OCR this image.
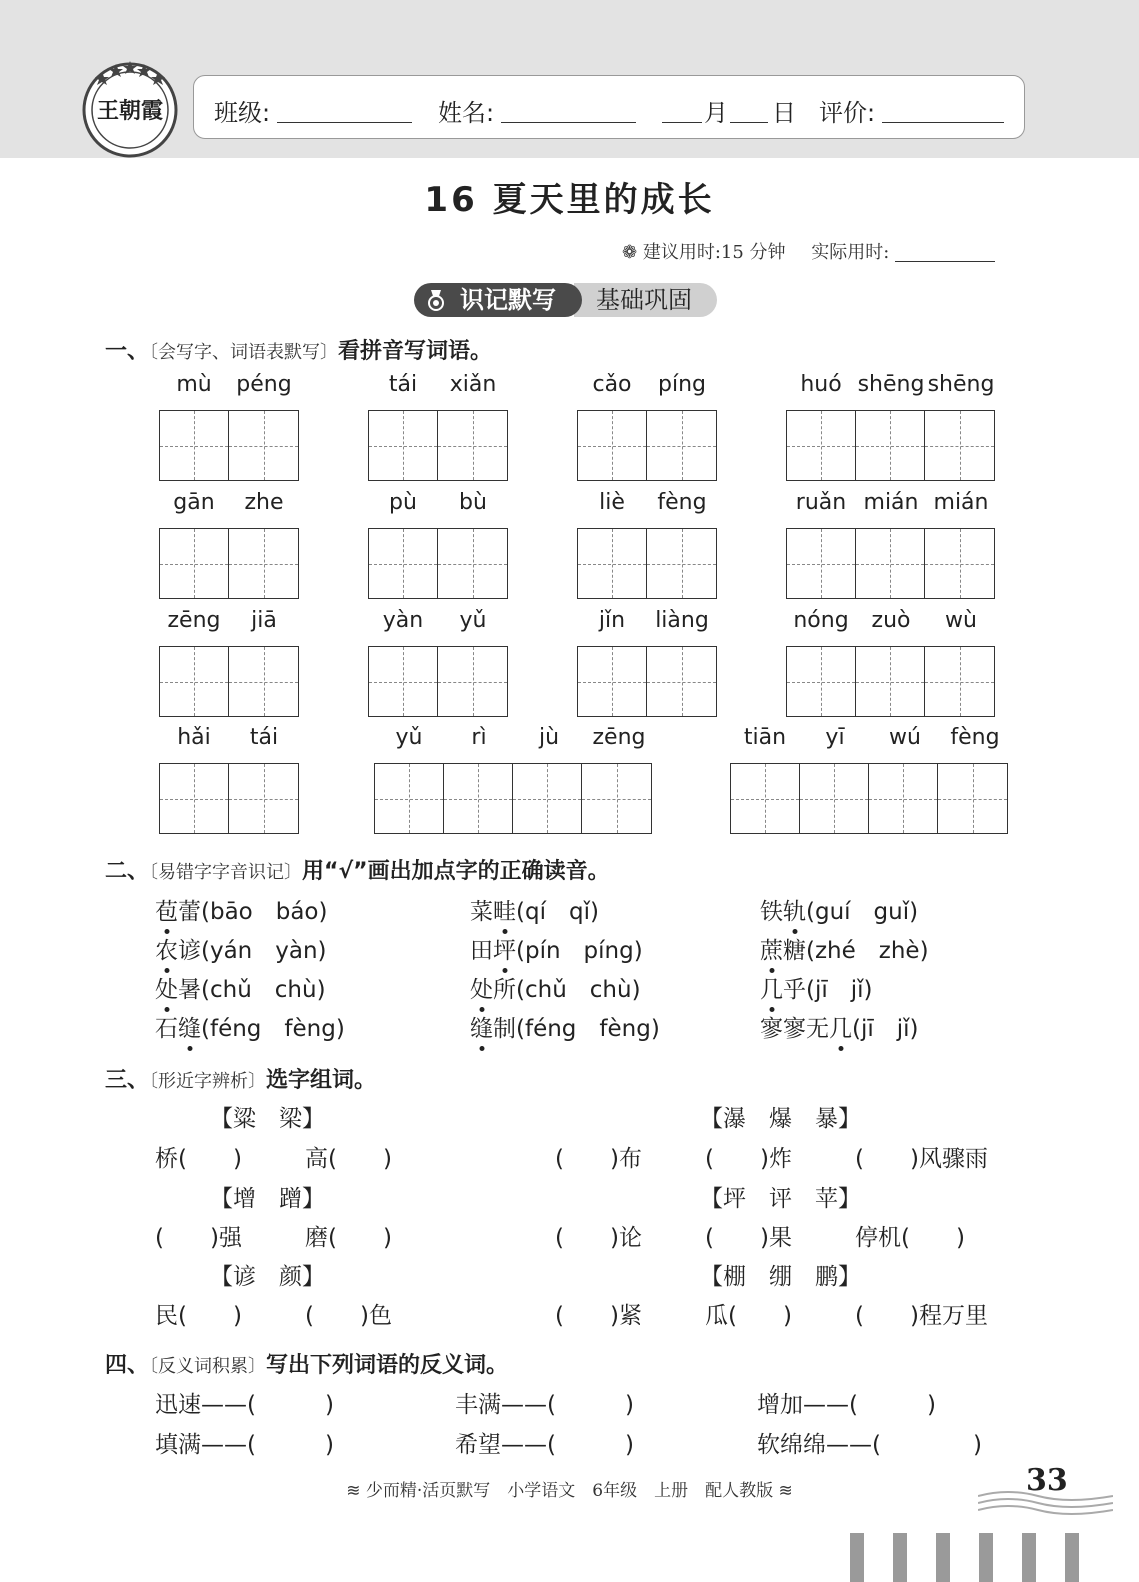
王朝霞 班级:	姓名:	月 日 评价:
16 夏天里的成长
❁ 建议用时:15 分钟 实际用时:
基础巩固
识记默写
一、〔会写字、词语表默写〕看拼音写词语。
mù	péng	tái	xiǎn	cǎo	píng	huó shēng shēng
gān	zhe	pù	bù	liè	fèng	ruǎn mián mián
zēng	jiā	yàn	yǔ	jǐn	liàng	nóng	zuò	wù
hǎi	tái	yǔ	rì	jù	zēng	tiān	yī	wú	fèng
二、〔易错字字音识记〕用“√”画出加点字的正确读音。
苞蕾(bāo　báo)	菜畦(qí　qǐ)	铁轨(guí　guǐ)
农谚(yán　yàn)	田坪(pín　píng)	蔗糖(zhé　zhè)
处暑(chǔ　chù)	处所(chǔ　chù)	几乎(jī　jǐ)
石缝(féng　fèng)	缝制(féng　fèng)	寥寥无几(jī　jǐ)
三、〔形近字辨析〕选字组词。
【粱　梁】	【瀑　爆　暴】
桥(　　)	高(　　)	(　　)布	(　　)炸	(　　)风骤雨
【增　蹭】	【坪　评　苹】
(　　)强	磨(　　)	(　　)论	(　　)果	停机(　　)
【谚　颜】	【棚　绷　鹏】
民(　　)	(　　)色	(　　)紧	瓜(　　)	(　　)程万里
四、〔反义词积累〕写出下列词语的反义词。
迅速——(　　　)	丰满——(　　　)	增加——(　　　)
填满——(　　　)	希望——(　　　)	软绵绵——(　　　　)
≋ 少而精·活页默写　小学语文　6年级　上册　配人教版 ≋	33
